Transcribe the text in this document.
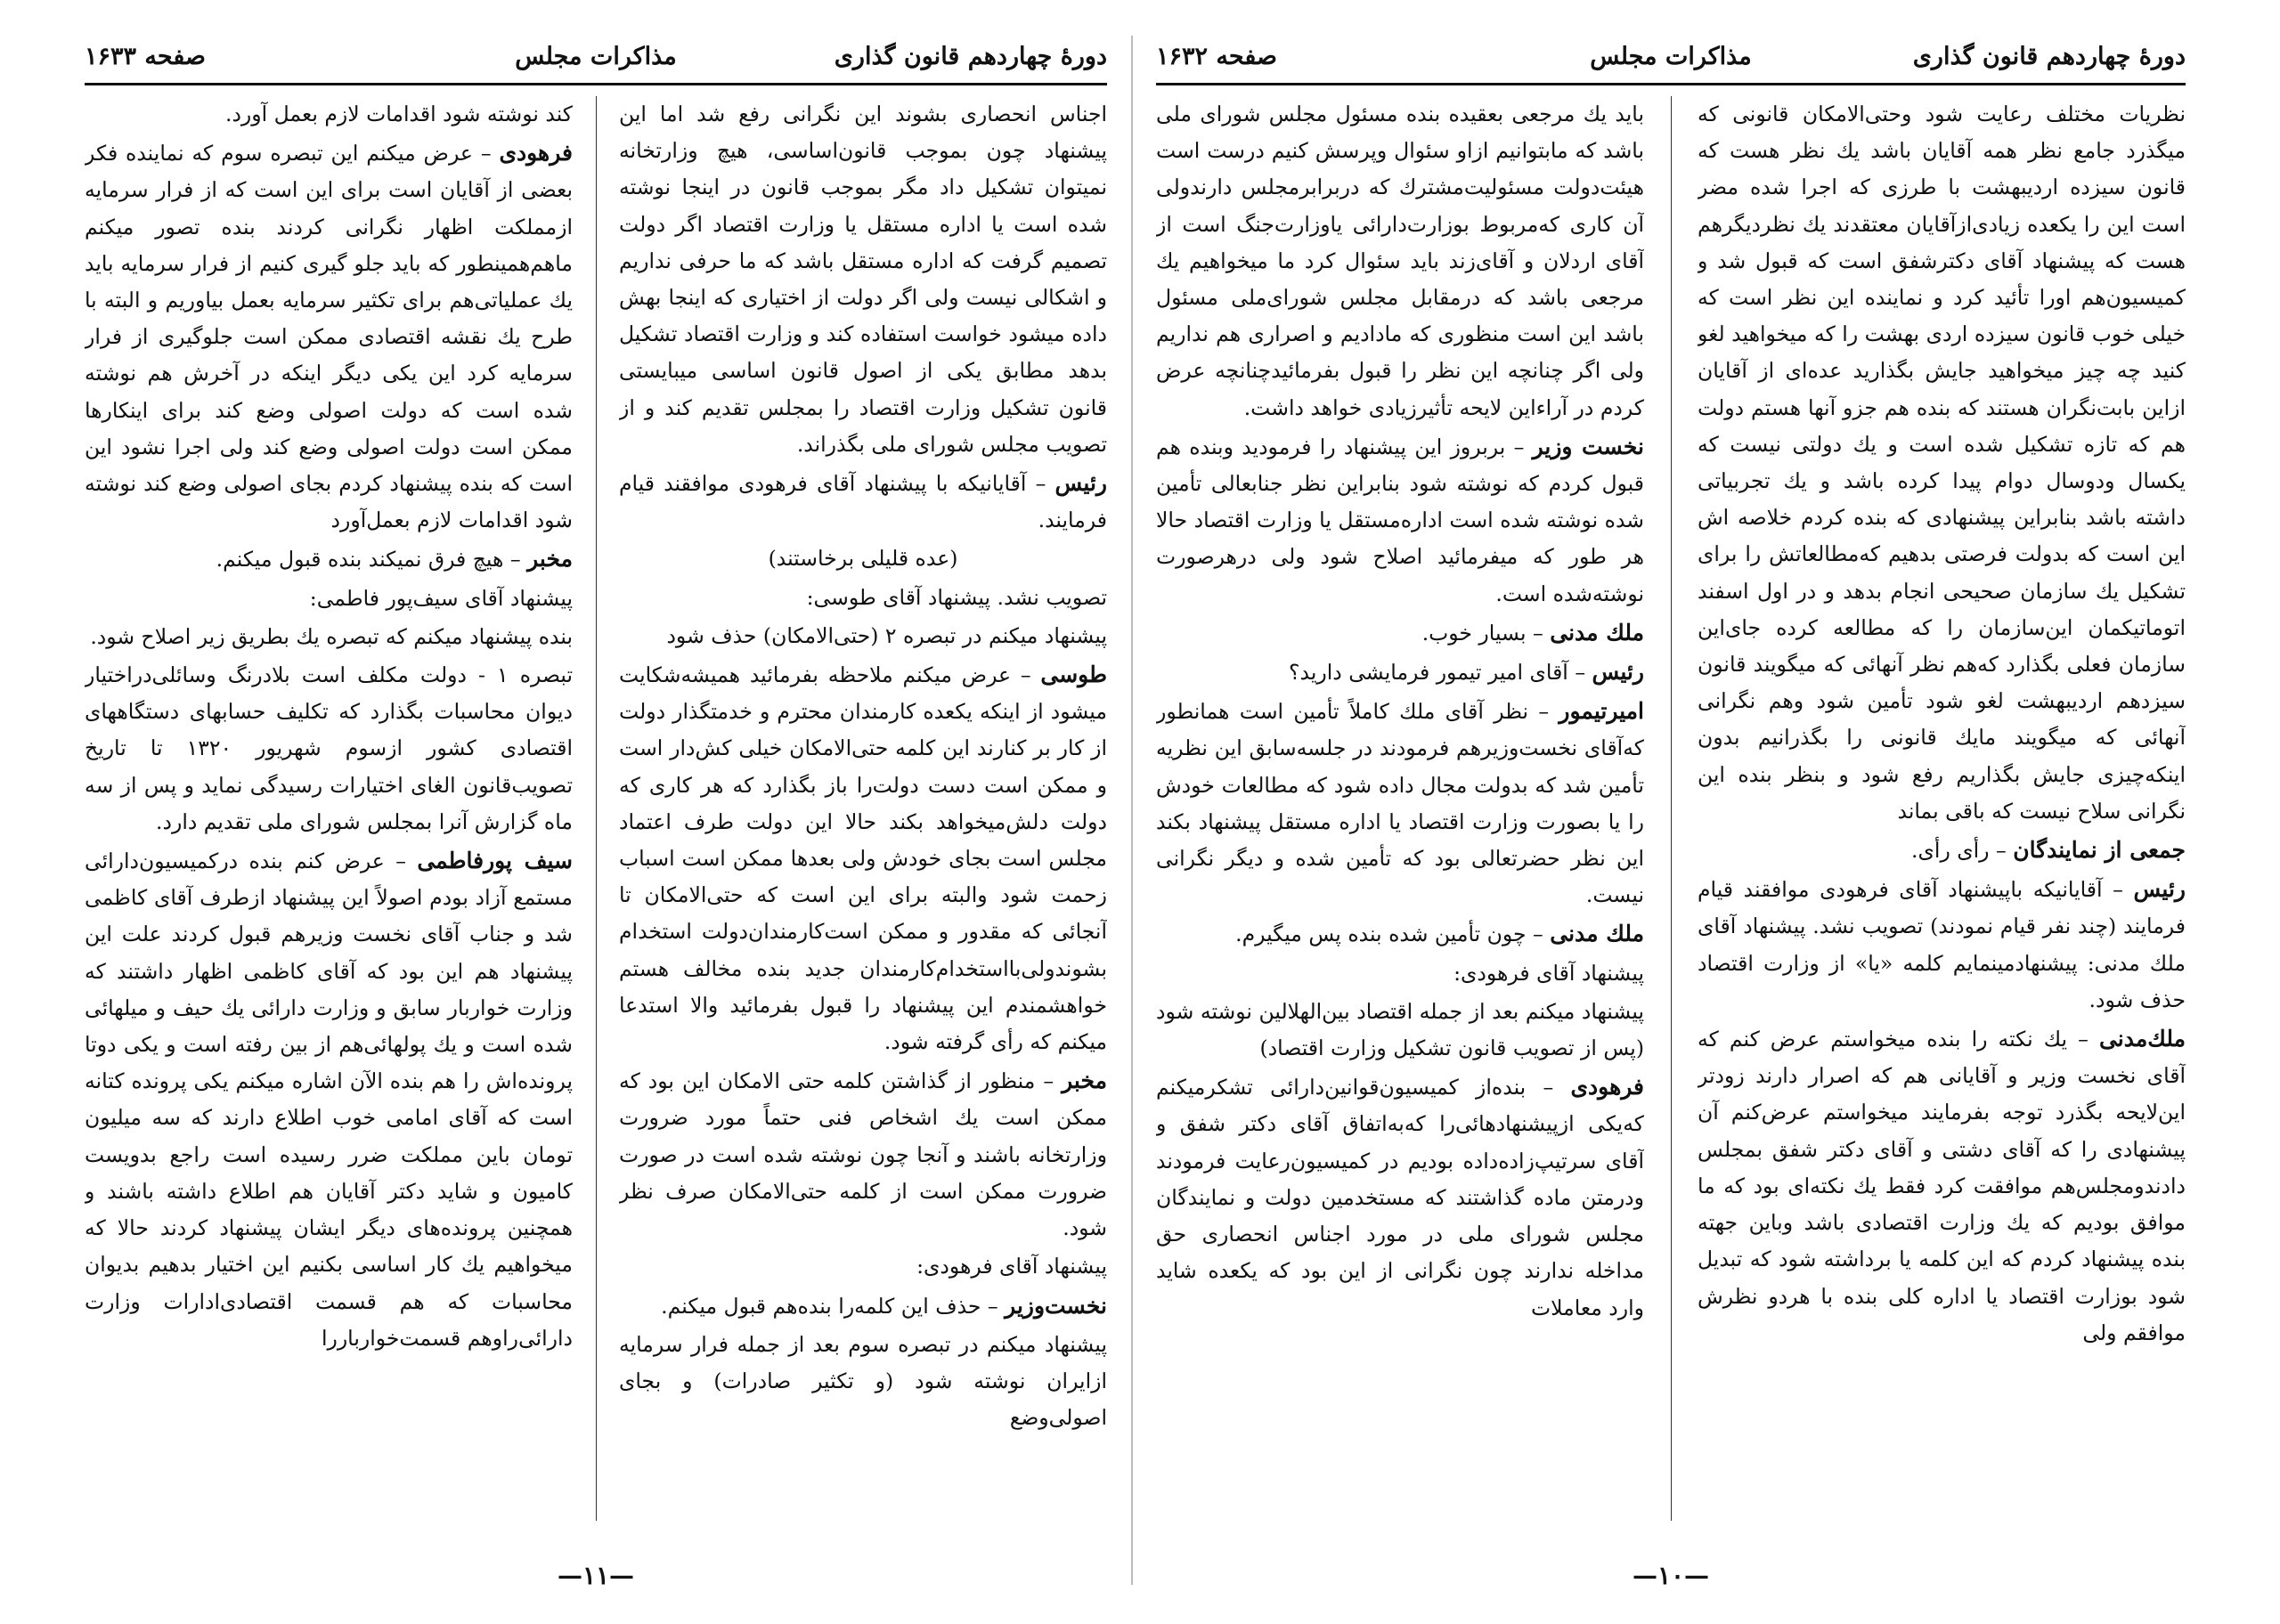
دورهٔ چهاردهم قانون گذاری
مذاکرات مجلس
صفحه ۱۶۳۳

اجناس انحصاری بشوند این نگرانی رفع شد اما این پیشنهاد چون بموجب قانون‌اساسی، هیچ وزارتخانه نمیتوان تشکیل داد مگر بموجب قانون در اینجا نوشته شده است یا اداره مستقل یا وزارت اقتصاد اگر دولت تصمیم گرفت که اداره مستقل باشد که ما حرفی نداریم و اشکالی نیست ولی اگر دولت از اختیاری که اینجا بهش داده میشود خواست استفاده کند و وزارت اقتصاد تشکیل بدهد مطابق یکی از اصول قانون اساسی میبایستی قانون تشکیل وزارت اقتصاد را بمجلس تقدیم کند و از تصویب مجلس شورای ملی بگذراند.

رئیس – آقایانیکه با پیشنهاد آقای فرهودی موافقند قیام فرمایند.

(عده قلیلی برخاستند)

تصویب نشد. پیشنهاد آقای طوسی:

پیشنهاد میکنم در تبصره ۲ (حتی‌الامکان) حذف شود

طوسی – عرض میکنم ملاحظه بفرمائید همیشه‌شکایت میشود از اینکه یکعده کارمندان محترم و خدمتگذار دولت از کار بر کنارند این کلمه حتی‌الامکان خیلی کش‌دار است و ممکن است دست دولت‌را باز بگذارد که هر کاری که دولت دلش‌میخواهد بکند حالا این دولت طرف اعتماد مجلس است بجای خودش ولی بعدها ممکن است اسباب زحمت شود والبته برای این است که حتی‌الامکان تا آنجائی که مقدور و ممکن است‌کارمندان‌دولت استخدام بشوند‌ولی‌بااستخدام‌کارمندان جدید بنده مخالف هستم خواهشمندم این پیشنهاد را قبول بفرمائید والا استدعا میکنم که رأی گرفته شود.

مخبر – منظور از گذاشتن کلمه حتی الامکان این بود که ممکن است یك اشخاص فنی حتماً مورد ضرورت وزارتخانه باشند و آنجا چون نوشته شده است در صورت ضرورت ممکن است از کلمه حتی‌الامکان صرف نظر شود.

پیشنهاد آقای فرهودی:

نخست‌وزیر – حذف این کلمه‌را بنده‌هم قبول میکنم.

پیشنهاد میکنم در تبصره سوم بعد از جمله فرار سرمایه ازایران نوشته شود (و تکثیر صادرات) و بجای اصولی‌وضع

کند نوشته شود اقدامات لازم بعمل آورد.

فرهودی – عرض میکنم این تبصره سوم که نماینده فکر بعضی از آقایان است برای این است که از فرار سرمایه ازمملکت اظهار نگرانی کردند بنده تصور میکنم ماهم‌همینطور که باید جلو گیری کنیم از فرار سرمایه باید یك عملیاتی‌هم برای تکثیر سرمایه بعمل بیاوریم و البته با طرح یك نقشه اقتصادی ممکن است جلوگیری از فرار سرمایه کرد این یکی دیگر اینکه در آخرش هم نوشته شده است که دولت اصولی وضع کند برای اینکارها ممکن است دولت اصولی وضع کند ولی اجرا نشود این است که بنده پیشنهاد کردم بجای اصولی وضع کند نوشته شود اقدامات لازم بعمل‌آورد

مخبر – هیچ فرق نمیکند بنده قبول میکنم.

پیشنهاد آقای سیف‌پور فاطمی:

بنده پیشنهاد میکنم که تبصره یك بطریق زیر اصلاح شود.

تبصره ۱ - دولت مکلف است بلادرنگ وسائلی‌دراختیار دیوان محاسبات بگذارد که تکلیف حسابهای دستگاههای اقتصادی کشور ازسوم شهریور ۱۳۲۰ تا تاریخ تصویب‌قانون الغای اختیارات رسیدگی نماید و پس از سه ماه گزارش آنرا بمجلس شورای ملی تقدیم دارد.

سیف پورفاطمی – عرض کنم بنده درکمیسیون‌دارائی مستمع آزاد بودم اصولاً این پیشنهاد ازطرف آقای کاظمی شد و جناب آقای نخست وزیرهم قبول کردند علت این پیشنهاد هم این بود که آقای کاظمی اظهار داشتند که وزارت خواربار سابق و وزارت دارائی یك حیف و میلهائی شده است و یك پولهائی‌هم از بین رفته است و یکی دوتا پرونده‌اش را هم بنده الآن اشاره میکنم یکی پرونده کتانه است که آقای امامی خوب اطلاع دارند که سه میلیون تومان باین مملکت ضرر رسیده است راجع بدویست کامیون و شاید دکتر آقایان هم اطلاع داشته باشند و همچنین پرونده‌های دیگر ایشان پیشنهاد کردند حالا که میخواهیم یك کار اساسی بکنیم این اختیار بدهیم بدیوان محاسبات که هم قسمت اقتصادی‌ادارات وزارت دارائی‌راوهم قسمت‌خواربار‌را

—۱۱—
دورهٔ چهاردهم قانون گذاری
مذاکرات مجلس
صفحه ۱۶۳۲

نظریات مختلف رعایت شود وحتی‌الامکان قانونی که میگذرد جامع نظر همه آقایان باشد یك نظر هست که قانون سیزده اردیبهشت با طرزی که اجرا شده مضر است این را یکعده زیادی‌ازآقایان معتقدند یك نظردیگرهم هست که پیشنهاد آقای دکترشفق است که قبول شد و کمیسیون‌هم اورا تأئید کرد و نماینده این نظر است که خیلی خوب قانون سیزده اردی بهشت را که میخواهید لغو کنید چه چیز میخواهید جایش بگذارید عده‌ای از آقایان ازاین بابت‌نگران هستند که بنده هم جزو آنها هستم دولت هم که تازه تشکیل شده است و یك دولتی نیست که یکسال ودوسال دوام پیدا کرده باشد و یك تجربیاتی داشته باشد بنابراین پیشنهادی که بنده کردم خلاصه اش این است که بدولت فرصتی بدهیم که‌مطالعاتش را برای تشکیل یك سازمان صحیحی انجام بدهد و در اول اسفند اتوماتیکمان این‌سازمان را که مطالعه کرده جای‌این سازمان فعلی بگذارد که‌هم نظر آنهائی که میگویند قانون سیزدهم اردیبهشت لغو شود تأمین شود وهم نگرانی آنهائی که میگویند مایك قانونی را بگذرانیم بدون اینکه‌چیزی جایش بگذاریم رفع شود و بنظر بنده این نگرانی سلاح نیست که باقی بماند

جمعی از نمایندگان – رأی رأی.

رئیس – آقایانیکه باپیشنهاد آقای فرهودی موافقند قیام فرمایند (چند نفر قیام نمودند) تصویب نشد. پیشنهاد آقای ملك مدنی: پیشنهادمینمایم کلمه «یا» از وزارت اقتصاد حذف شود.

ملك‌مدنی – یك نکته را بنده میخواستم عرض کنم که آقای نخست وزیر و آقایانی هم که اصرار دارند زودتر این‌لایحه بگذرد توجه بفرمایند میخواستم عرض‌کنم آن پیشنهادی را که آقای دشتی و آقای دکتر شفق بمجلس دادندو‌مجلس‌هم موافقت کرد فقط یك نکته‌ای بود که ما موافق بودیم که یك وزارت اقتصادی باشد وباین جهته بنده پیشنهاد کردم که این کلمه یا برداشته شود که تبدیل شود بوزارت اقتصاد یا اداره کلی بنده با هردو نظرش موافقم ولی

باید یك مرجعی بعقیده بنده مسئول مجلس شورای ملی باشد که مابتوانیم ازاو سئوال وپرسش کنیم درست است هیئت‌دولت مسئولیت‌مشترك که دربرابرمجلس دارندولی آن کاری که‌مربوط بوزارت‌دارائی یاوزارت‌جنگ است از آقای اردلان و آقای‌زند باید سئوال کرد ما میخواهیم یك مرجعی باشد که درمقابل مجلس شورای‌ملی مسئول باشد این است منظوری که مادادیم و اصراری هم نداریم ولی اگر چنانچه این نظر را قبول بفرمائیدچنانچه عرض کردم در آراءاین لایحه تأثیرزیادی خواهد داشت.

نخست وزیر – بربروز این پیشنهاد را فرمودید وبنده هم قبول کردم که نوشته شود بنابراین نظر جنابعالی تأمین شده نوشته شده است اداره‌مستقل یا وزارت اقتصاد حالا هر طور که میفرمائید اصلاح شود ولی درهرصورت نوشته‌شده است.

ملك مدنی – بسیار خوب.

رئیس – آقای امیر تیمور فرمایشی دارید؟

امیرتیمور – نظر آقای ملك کاملاً تأمین است همانطور که‌آقای نخست‌وزیر‌هم فرمودند در جلسه‌سابق این نظریه تأمین شد که بدولت مجال داده شود که مطالعات خودش را یا بصورت وزارت اقتصاد یا اداره مستقل پیشنهاد بکند این نظر حضرتعالی بود که تأمین شده و دیگر نگرانی نیست.

ملك مدنی – چون تأمین شده بنده پس میگیرم.

پیشنهاد آقای فرهودی:

پیشنهاد میکنم بعد از جمله اقتصاد بین‌الهلالین نوشته شود (پس از تصویب قانون تشکیل وزارت اقتصاد)

فرهودی – بنده‌از کمیسیون‌قوانین‌دارائی تشکر‌میکنم که‌یکی ازپیشنهادهائی‌را که‌به‌اتفاق آقای دکتر شفق و آقای سرتیپ‌زاده‌داده بودیم در کمیسیون‌رعایت فرمودند ودرمتن ماده گذاشتند که مستخدمین دولت و نمایندگان مجلس شورای ملی در مورد اجناس انحصاری حق مداخله ندارند چون نگرانی از این بود که یکعده شاید وارد معاملات

—۱۰—
